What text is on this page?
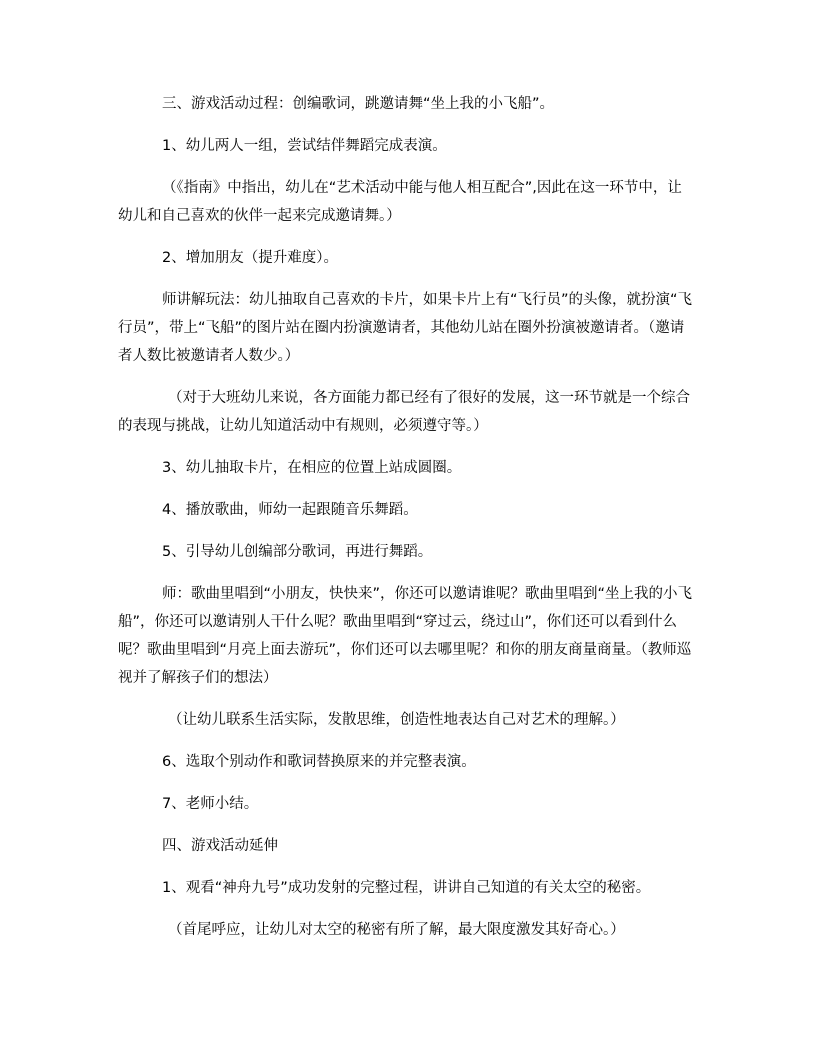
三、游戏活动过程：创编歌词，跳邀请舞“坐上我的小飞船”。

1、幼儿两人一组，尝试结伴舞蹈完成表演。

（《指南》中指出，幼儿在“艺术活动中能与他人相互配合”,因此在这一环节中，让幼儿和自己喜欢的伙伴一起来完成邀请舞。）

2、增加朋友（提升难度）。

师讲解玩法：幼儿抽取自己喜欢的卡片，如果卡片上有“飞行员”的头像，就扮演“飞行员”，带上“飞船”的图片站在圈内扮演邀请者，其他幼儿站在圈外扮演被邀请者。（邀请者人数比被邀请者人数少。）

（对于大班幼儿来说，各方面能力都已经有了很好的发展，这一环节就是一个综合的表现与挑战，让幼儿知道活动中有规则，必须遵守等。）

3、幼儿抽取卡片，在相应的位置上站成圆圈。

4、播放歌曲，师幼一起跟随音乐舞蹈。

5、引导幼儿创编部分歌词，再进行舞蹈。

师：歌曲里唱到“小朋友，快快来”，你还可以邀请谁呢？歌曲里唱到“坐上我的小飞船”，你还可以邀请别人干什么呢？歌曲里唱到“穿过云，绕过山”，你们还可以看到什么呢？歌曲里唱到“月亮上面去游玩”，你们还可以去哪里呢？和你的朋友商量商量。（教师巡视并了解孩子们的想法）

（让幼儿联系生活实际，发散思维，创造性地表达自己对艺术的理解。）

6、选取个别动作和歌词替换原来的并完整表演。

7、老师小结。

四、游戏活动延伸

1、观看“神舟九号”成功发射的完整过程，讲讲自己知道的有关太空的秘密。

（首尾呼应，让幼儿对太空的秘密有所了解，最大限度激发其好奇心。）
